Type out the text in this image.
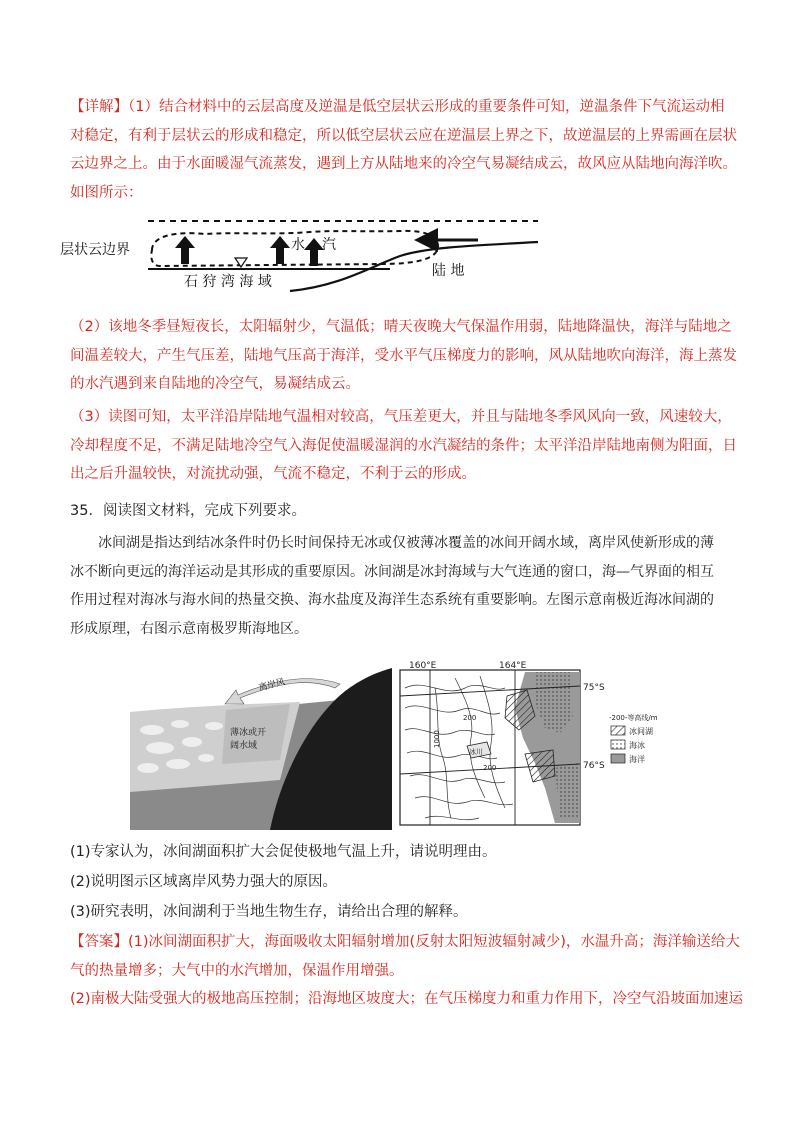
【详解】（1）结合材料中的云层高度及逆温是低空层状云形成的重要条件可知，逆温条件下气流运动相
对稳定，有利于层状云的形成和稳定，所以低空层状云应在逆温层上界之下，故逆温层的上界需画在层状
云边界之上。由于水面暖湿气流蒸发，遇到上方从陆地来的冷空气易凝结成云，故风应从陆地向海洋吹。
如图所示：
层状云边界	水 汽
石 狩 湾 海 域
陆 地
（2）该地冬季昼短夜长，太阳辐射少，气温低；晴天夜晚大气保温作用弱，陆地降温快，海洋与陆地之
间温差较大，产生气压差，陆地气压高于海洋，受水平气压梯度力的影响，风从陆地吹向海洋，海上蒸发
的水汽遇到来自陆地的冷空气，易凝结成云。
（3）读图可知，太平洋沿岸陆地气温相对较高，气压差更大，并且与陆地冬季风风向一致，风速较大，
冷却程度不足，不满足陆地冷空气入海促使温暖湿润的水汽凝结的条件；太平洋沿岸陆地南侧为阳面，日
出之后升温较快，对流扰动强，气流不稳定，不利于云的形成。
35．阅读图文材料，完成下列要求。
冰间湖是指达到结冰条件时仍长时间保持无冰或仅被薄冰覆盖的冰间开阔水域，离岸风使新形成的薄
冰不断向更远的海洋运动是其形成的重要原因。冰间湖是冰封海域与大气连通的窗口，海—气界面的相互
作用过程对海冰与海水间的热量交换、海水盐度及海洋生态系统有重要影响。左图示意南极近海冰间湖的
形成原理，右图示意南极罗斯海地区。
离岸风
薄冰或开
阔水域
160°E	164°E
75°S
76°S
1000
200
200
冰川
-200-等高线/m
冰间湖
海冰
海洋
(1)专家认为，冰间湖面积扩大会促使极地气温上升，请说明理由。
(2)说明图示区域离岸风势力强大的原因。
(3)研究表明，冰间湖利于当地生物生存，请给出合理的解释。
【答案】(1)冰间湖面积扩大，海面吸收太阳辐射增加(反射太阳短波辐射减少)，水温升高；海洋输送给大
气的热量增多；大气中的水汽增加，保温作用增强。
(2)南极大陆受强大的极地高压控制；沿海地区坡度大；在气压梯度力和重力作用下，冷空气沿坡面加速运
